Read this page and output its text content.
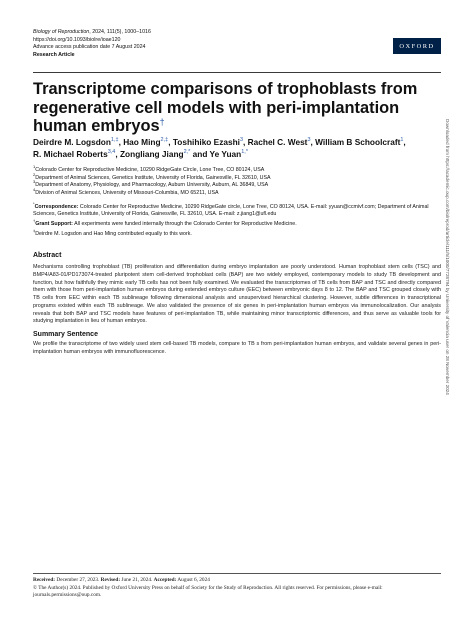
Biology of Reproduction, 2024, 111(5), 1000–1016
https://doi.org/10.1093/biolre/ioae120
Advance access publication date 7 August 2024
Research Article
OXFORD
Transcriptome comparisons of trophoblasts from regenerative cell models with peri-implantation human embryos†
Deirdre M. Logsdon$^{1,\ddagger}$, Hao Ming$^{2,\ddagger}$, Toshihiko Ezashi$^3$, Rachel C. West$^3$, William B Schoolcraft$^1$,
R. Michael Roberts$^{3,4}$, Zongliang Jiang$^{2,*}$ and Ye Yuan$^{1,*}$
$^1$Colorado Center for Reproductive Medicine, 10290 RidgeGate Circle, Lone Tree, CO 80124, USA
$^2$Department of Animal Sciences, Genetics Institute, University of Florida, Gainesville, FL 32610, USA
$^3$Department of Anatomy, Physiology, and Pharmacology, Auburn University, Auburn, AL 36849, USA
$^4$Division of Animal Sciences, University of Missouri-Columbia, MO 65211, USA

*Correspondence: Colorado Center for Reproductive Medicine, 10290 RidgeGate circle, Lone Tree, CO 80124, USA. E-mail: yyuan@ccmivf.com; Department of Animal Sciences, Genetics Institute, University of Florida, Gainesville, FL 32610, USA. E-mail: z.jiang1@ufl.edu

†Grant Support: All experiments were funded internally through the Colorado Center for Reproductive Medicine.

‡Deirdre M. Logsdon and Hao Ming contributed equally to this work.

Abstract
Mechanisms controlling trophoblast (TB) proliferation and differentiation during embryo implantation are poorly understood. Human trophoblast stem cells (TSC) and BMP4/A83-01/PD173074-treated pluripotent stem cell-derived trophoblast cells (BAP) are two widely employed, contemporary models to study TB development and function, but how faithfully they mimic early TB cells has not been fully examined. We evaluated the transcriptomes of TB cells from BAP and TSC and directly compared them with those from peri-implantation human embryos during extended embryo culture (EEC) between embryonic days 8 to 12. The BAP and TSC grouped closely with TB cells from EEC within each TB sublineage following dimensional analysis and unsupervised hierarchical clustering. However, subtle differences in transcriptional programs existed within each TB sublineage. We also validated the presence of six genes in peri-implantation human embryos via immunolocalization. Our analysis reveals that both BAP and TSC models have features of peri-implantation TB, while maintaining minor transcriptomic differences, and thus serve as valuable tools for studying implantation in lieu of human embryos.
Summary Sentence
We profile the transcriptome of two widely used stem cell-based TB models, compare to TB s from peri-implantation human embryos, and validate several genes in peri-implantation human embryos with immunofluorescence.
Received: December 27, 2023. Revised: June 21, 2024. Accepted: August 6, 2024
© The Author(s) 2024. Published by Oxford University Press on behalf of Society for the Study of Reproduction. All rights reserved. For permissions, please e-mail: journals.permissions@oup.com.
Downloaded from https://academic.oup.com/biolreprod/article/111/5/1000/7728794 by University of Valencia user on 28 November 2024
